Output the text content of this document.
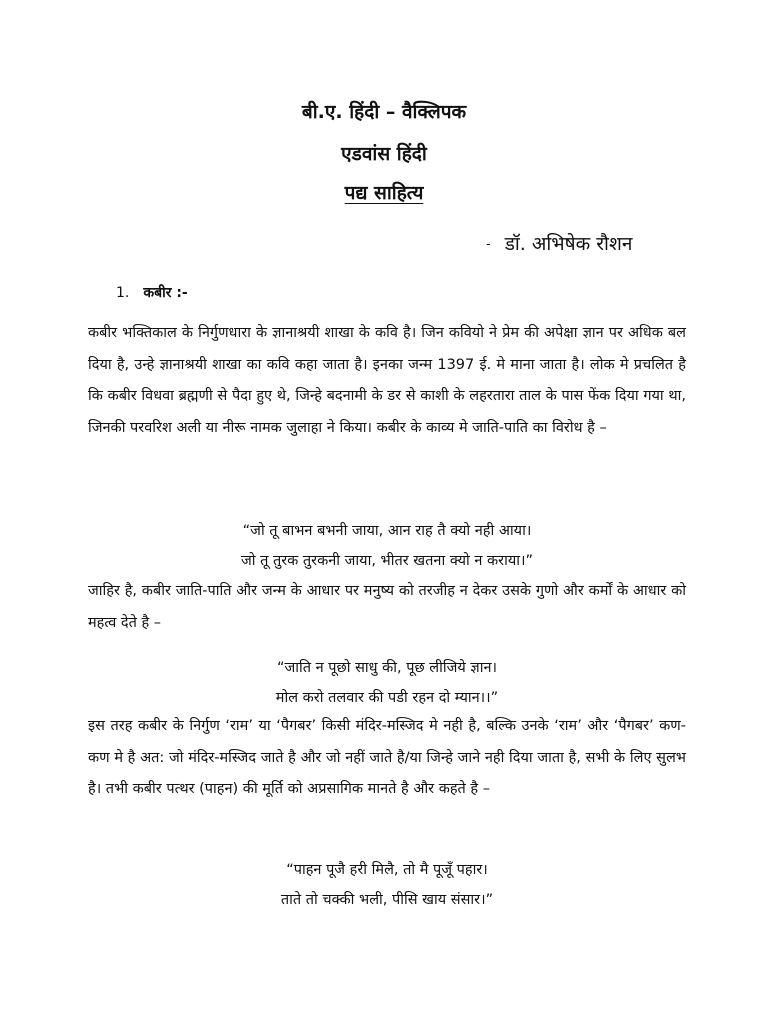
बी.ए. हिंदी – वैक्लिपक
एडवांस हिंदी
पद्य साहित्य
- डॉ. अभिषेक रौशन
1. कबीर :-

कबीर भक्तिकाल के निर्गुणधारा के ज्ञानाश्रयी शाखा के कवि है। जिन कवियो ने प्रेम की अपेक्षा ज्ञान पर अधिक बल दिया है, उन्हे ज्ञानाश्रयी शाखा का कवि कहा जाता है। इनका जन्म 1397 ई. मे माना जाता है। लोक मे प्रचलित है कि कबीर विधवा ब्रह्मणी से पैदा हुए थे, जिन्हे बदनामी के डर से काशी के लहरतारा ताल के पास फेंक दिया गया था, जिनकी परवरिश अली या नीरू नामक जुलाहा ने किया। कबीर के काव्य मे जाति-पाति का विरोध है –

“जो तू बाभन बभनी जाया, आन राह तै क्यो नही आया।
जो तू तुरक तुरकनी जाया, भीतर खतना क्यो न कराया।”

जाहिर है, कबीर जाति-पाति और जन्म के आधार पर मनुष्य को तरजीह न देकर उसके गुणो और कर्मों के आधार को महत्व देते है –

“जाति न पूछो साधु की, पूछ लीजिये ज्ञान।
मोल करो तलवार की पडी रहन दो म्यान।।”

इस तरह कबीर के निर्गुण ‘राम’ या ‘पैगबर’ किसी मंदिर-मस्जिद मे नही है, बल्कि उनके ‘राम’ और ‘पैगबर’ कण-कण मे है अत: जो मंदिर-मस्जिद जाते है और जो नहीं जाते है/या जिन्हे जाने नही दिया जाता है, सभी के लिए सुलभ है। तभी कबीर पत्थर (पाहन) की मूर्ति को अप्रसागिक मानते है और कहते है –

“पाहन पूजै हरी मिलै, तो मै पूजूँ पहार।
ताते तो चक्की भली, पीसि खाय संसार।”
